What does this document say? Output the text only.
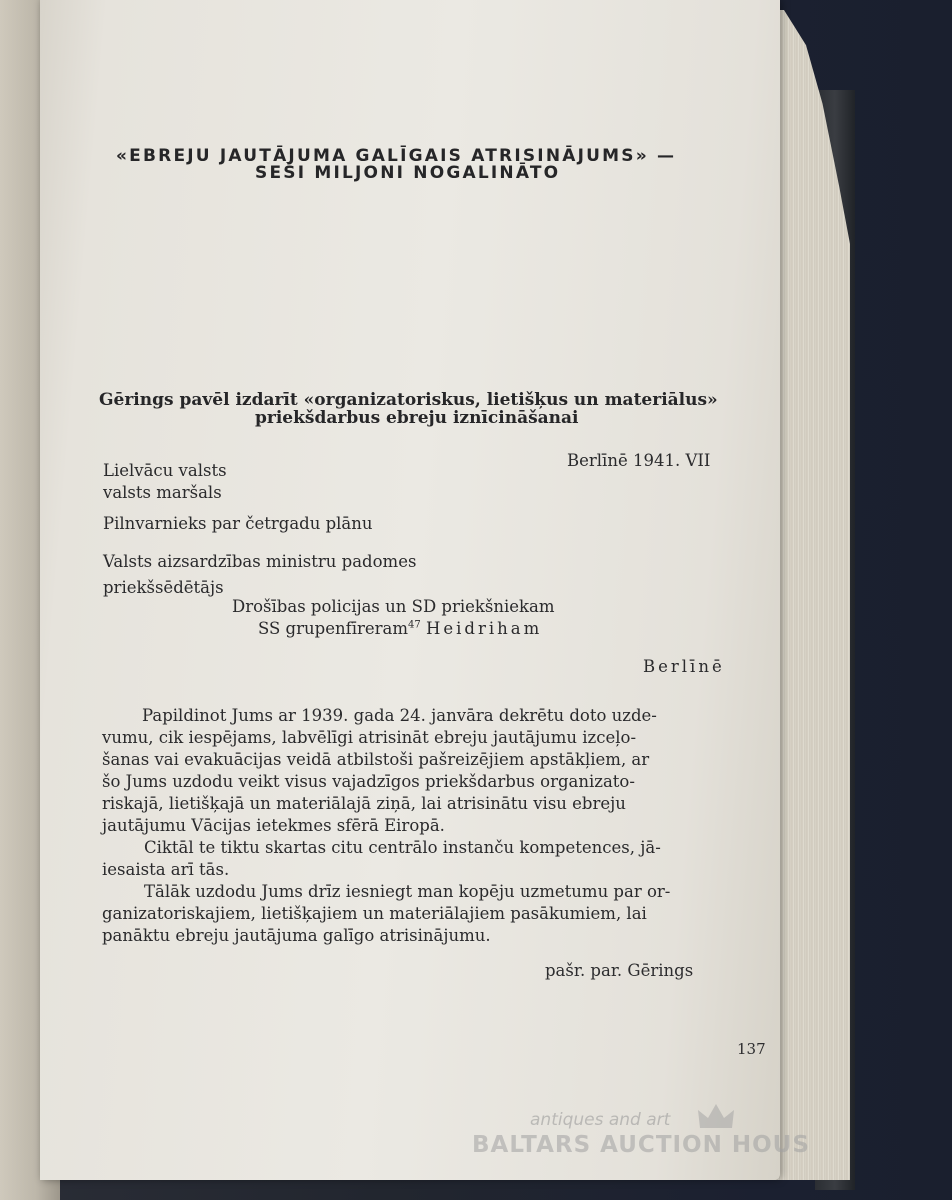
«EBREJU JAUTĀJUMA GALĪGAIS ATRISINĀJUMS» —
SEŠI MILJONI NOGALINĀTO
Gērings pavēl izdarīt «organizatoriskus, lietišķus un materiālus»
priekšdarbus ebreju iznīcināšanai
Berlīnē 1941. VII
Lielvācu valsts
valsts maršals
Pilnvarnieks par četrgadu plānu
Valsts aizsardzības ministru padomes
priekšsēdētājs
Drošības policijas un SD priekšniekam
SS grupenfīreram$^{47}$ Heidriham
Berlīnē
Papildinot Jums ar 1939. gada 24. janvāra dekrētu doto uzde-
vumu, cik iespējams, labvēlīgi atrisināt ebreju jautājumu izceļo-
šanas vai evakuācijas veidā atbilstoši pašreizējiem apstākļiem, ar
šo Jums uzdodu veikt visus vajadzīgos priekšdarbus organizato-
riskajā, lietišķajā un materiālajā ziņā, lai atrisinātu visu ebreju
jautājumu Vācijas ietekmes sfērā Eiropā.
Ciktāl te tiktu skartas citu centrālo instanču kompetences, jā-
iesaista arī tās.
Tālāk uzdodu Jums drīz iesniegt man kopēju uzmetumu par or-
ganizatoriskajiem, lietišķajiem un materiālajiem pasākumiem, lai
panāktu ebreju jautājuma galīgo atrisinājumu.
pašr. par. Gērings
137
antiques and art
BALTARS AUCTION HOUS
